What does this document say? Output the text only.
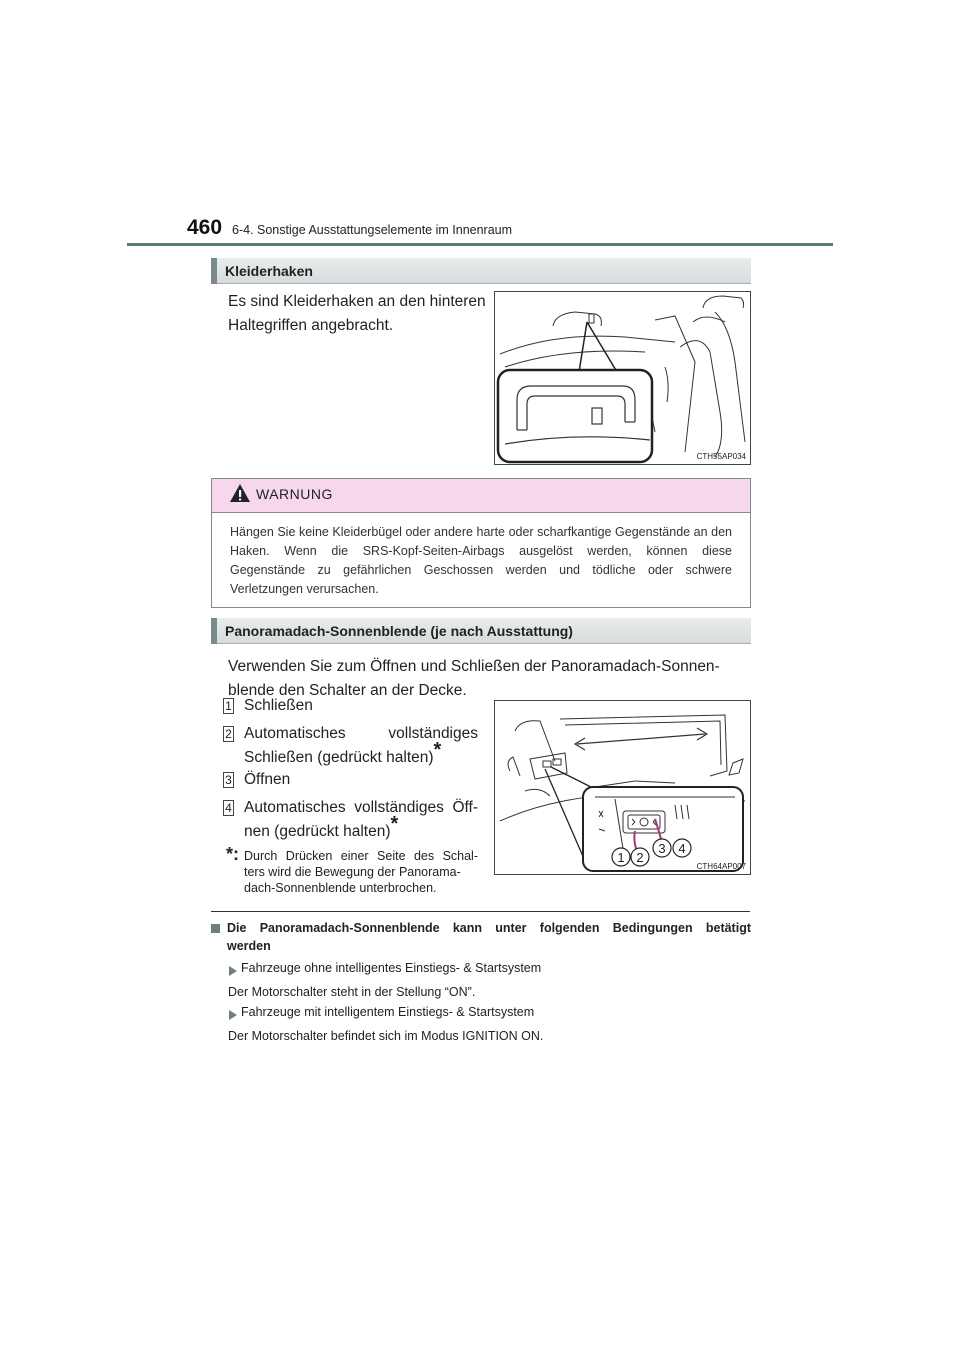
460 6-4. Sonstige Ausstattungselemente im Innenraum
Kleiderhaken
Es sind Kleiderhaken an den hinteren
Haltegriffen angebracht.
CTH55AP034
WARNUNG
Hängen Sie keine Kleiderbügel oder andere harte oder scharfkantige Gegenstände an den Haken. Wenn die SRS-Kopf-Seiten-Airbags ausgelöst werden, können diese Gegenstände zu gefährlichen Geschossen werden und tödliche oder schwere Verletzungen verursachen.
Panoramadach-Sonnenblende (je nach Ausstattung)
Verwenden Sie zum Öffnen und Schließen der Panoramadach-Sonnen-
blende den Schalter an der Decke.
1 Schließen
2 Automatisches vollständiges
Schließen (gedrückt halten)*
3 Öffnen
4 Automatisches vollständiges Öff-
nen (gedrückt halten)*
*: Durch Drücken einer Seite des Schal-
ters wird die Bewegung der Panorama-
dach-Sonnenblende unterbrochen.
1 2
3 4
CTH64AP007
Die Panoramadach-Sonnenblende kann unter folgenden Bedingungen betätigt
werden
Fahrzeuge ohne intelligentes Einstiegs- & Startsystem
Der Motorschalter steht in der Stellung “ON”.
Fahrzeuge mit intelligentem Einstiegs- & Startsystem
Der Motorschalter befindet sich im Modus IGNITION ON.
